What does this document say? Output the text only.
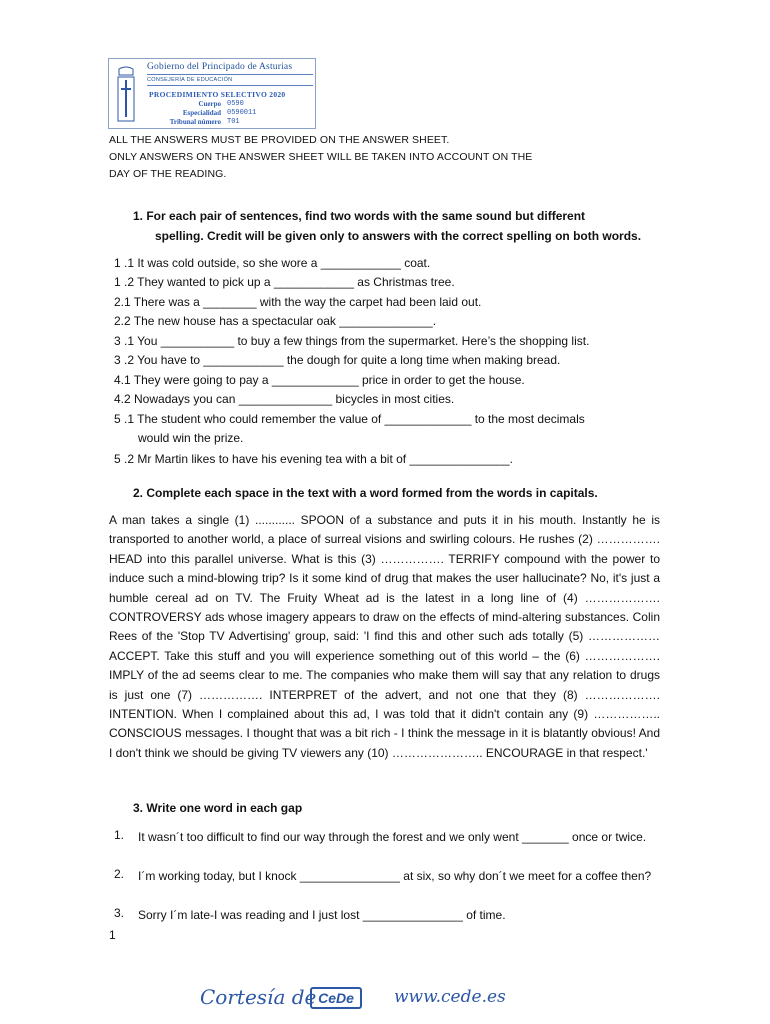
Gobierno del Principado de Asturias
CONSEJERÍA DE EDUCACIÓN
PROCEDIMIENTO SELECTIVO 2020
Cuerpo 0590
Especialidad 0590011
Tribunal número T01
ALL THE ANSWERS MUST BE PROVIDED ON THE ANSWER SHEET.
ONLY ANSWERS ON THE ANSWER SHEET WILL BE TAKEN INTO ACCOUNT ON THE
DAY OF THE READING.
1. For each pair of sentences, find two words with the same sound but different
spelling. Credit will be given only to answers with the correct spelling on both words.
1 .1 It was cold outside, so she wore a ____________ coat.
1 .2 They wanted to pick up a ____________ as Christmas tree.
2.1 There was a ________ with the way the carpet had been laid out.
2.2 The new house has a spectacular oak ______________.
3 .1 You ___________ to buy a few things from the supermarket. Here’s the shopping list.
3 .2 You have to ____________ the dough for quite a long time when making bread.
4.1 They were going to pay a _____________ price in order to get the house.
4.2 Nowadays you can ______________ bicycles in most cities.
5 .1 The student who could remember the value of _____________ to the most decimals
would win the prize.
5 .2 Mr Martin likes to have his evening tea with a bit of _______________.
2. Complete each space in the text with a word formed from the words in capitals.
A man takes a single (1) ............ SPOON of a substance and puts it in his mouth. Instantly he is transported to another world, a place of surreal visions and swirling colours. He rushes (2) ……………. HEAD into this parallel universe. What is this (3) ……………. TERRIFY compound with the power to induce such a mind-blowing trip? Is it some kind of drug that makes the user hallucinate? No, it's just a humble cereal ad on TV. The Fruity Wheat ad is the latest in a long line of (4) ………………. CONTROVERSY ads whose imagery appears to draw on the effects of mind-altering substances. Colin Rees of the 'Stop TV Advertising' group, said: 'I find this and other such ads totally (5) ……………… ACCEPT. Take this stuff and you will experience something out of this world – the (6) ………………. IMPLY of the ad seems clear to me. The companies who make them will say that any relation to drugs is just one (7) ……………. INTERPRET of the advert, and not one that they (8) ………………. INTENTION. When I complained about this ad, I was told that it didn't contain any (9) …………….. CONSCIOUS messages. I thought that was a bit rich - I think the message in it is blatantly obvious! And I don't think we should be giving TV viewers any (10) ………………….. ENCOURAGE in that respect.'
3. Write one word in each gap
1. It wasn´t too difficult to find our way through the forest and we only went _______ once or twice.
2. I´m working today, but I knock _______________ at six, so why don´t we meet for a coffee then?
3. Sorry I´m late-I was reading and I just lost _______________ of time.
1
Cortesía de CeDe	www.cede.es
